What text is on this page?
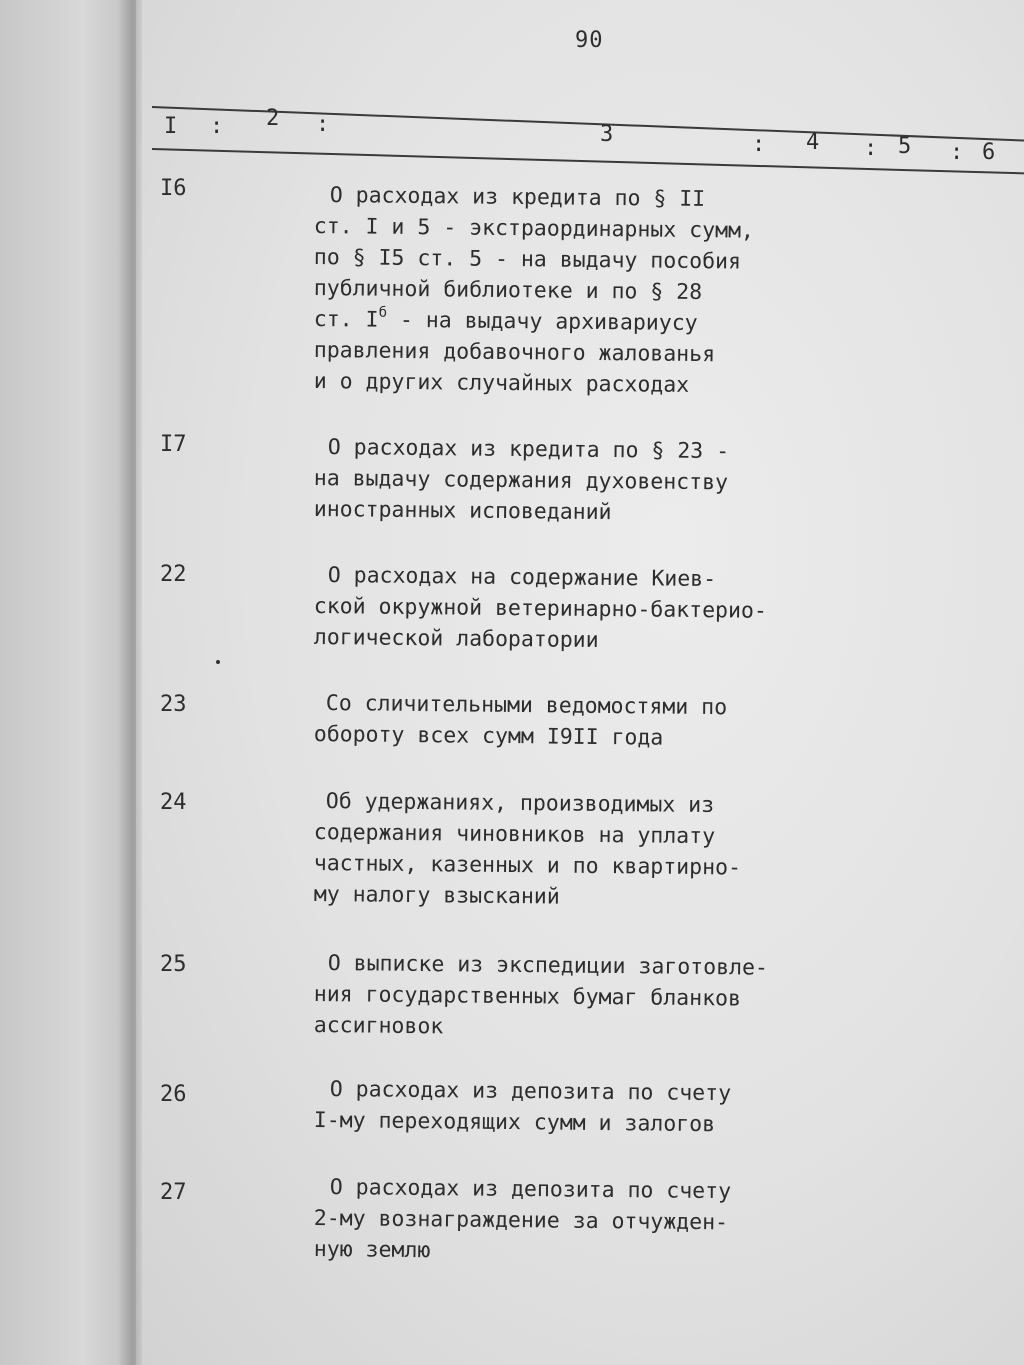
90
I : 2 :	3	: 4 : 5 : 6
I6	О расходах из кредита по § II
ст. I и 5 - экстраординарных сумм,
по § I5 ст. 5 - на выдачу пособия
публичной библиотеке и по § 28
ст. $I^б$ - на выдачу архивариусу
правления добавочного жалованья
и о других случайных расходах
I7	О расходах из кредита по § 23 -
на выдачу содержания духовенству
иностранных исповеданий
22	О расходах на содержание Киев-
ской окружной ветеринарно-бактерио-
логической лаборатории
23	Со сличительными ведомостями по
обороту всех сумм I9II года
24	Об удержаниях, производимых из
содержания чиновников на уплату
частных, казенных и по квартирно-
му налогу взысканий
25	О выписке из экспедиции заготовле-
ния государственных бумаг бланков
ассигновок
26	О расходах из депозита по счету
I-му переходящих сумм и залогов
27	О расходах из депозита по счету
2-му вознаграждение за отчужден-
ную землю
